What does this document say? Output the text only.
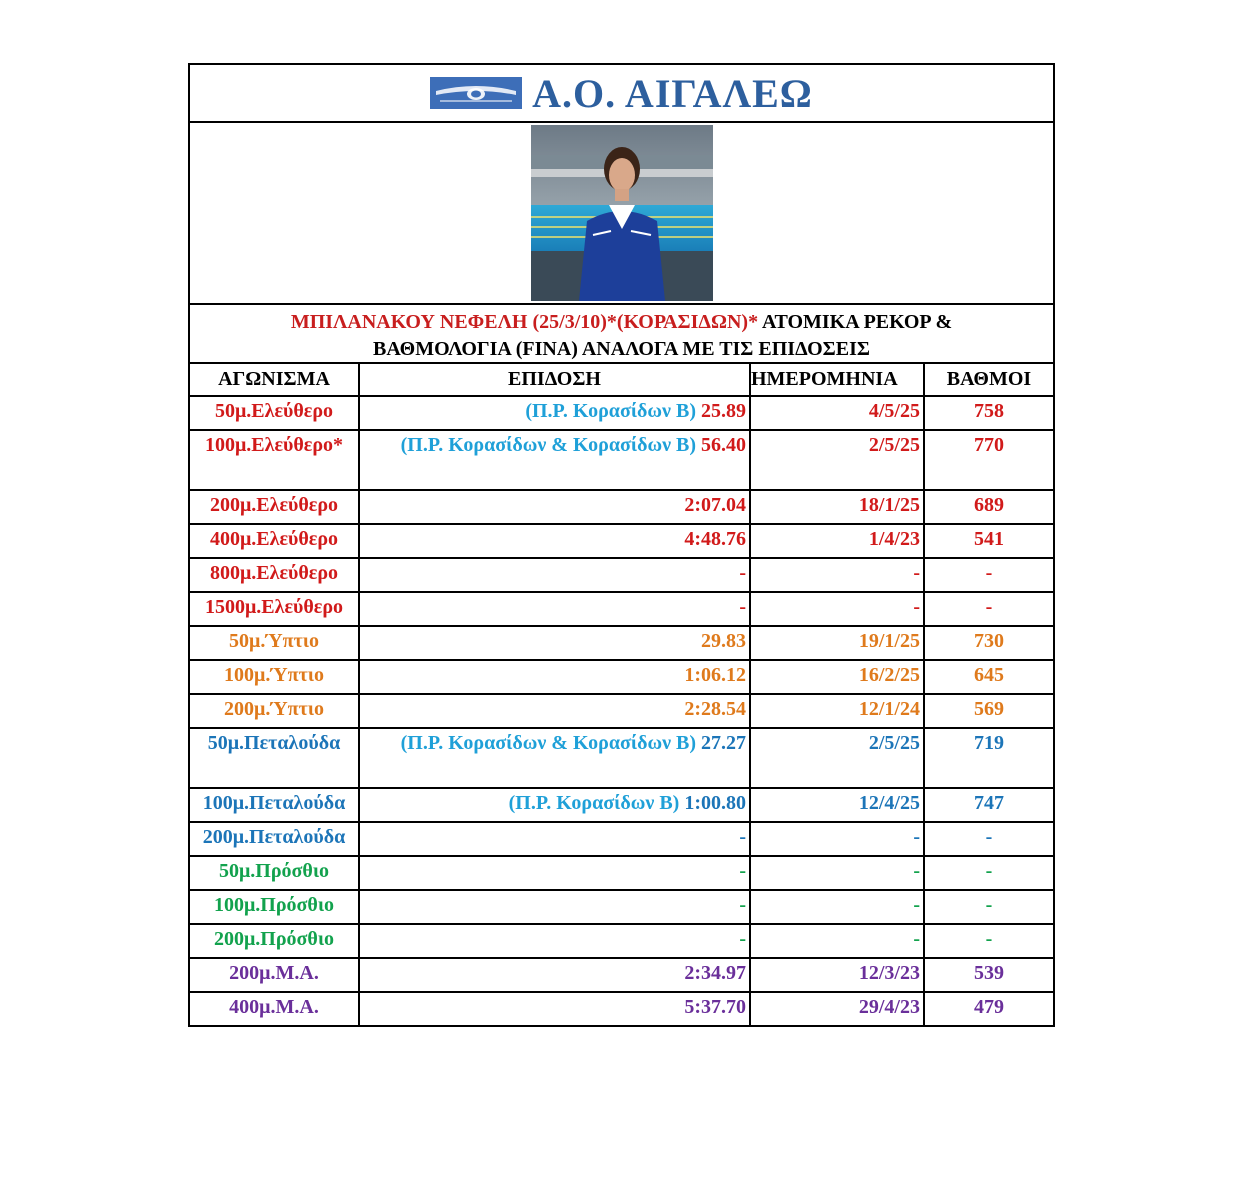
Α.Ο. ΑΙΓΑΛΕΩ
ΜΠΙΛΑΝΑΚΟΥ ΝΕΦΕΛΗ (25/3/10)*(ΚΟΡΑΣΙΔΩΝ)* ΑΤΟΜΙΚΑ ΡΕΚΟΡ &
ΒΑΘΜΟΛΟΓΙΑ (FINA) ΑΝΑΛΟΓΑ ΜΕ ΤΙΣ ΕΠΙΔΟΣΕΙΣ
ΑΓΩΝΙΣΜΑ	ΕΠΙΔΟΣΗ	ΗΜΕΡΟΜΗΝΙΑ	ΒΑΘΜΟΙ
50μ.Ελεύθερο	(Π.Ρ. Κορασίδων Β) 25.89	4/5/25	758
100μ.Ελεύθερο*	(Π.Ρ. Κορασίδων & Κορασίδων Β) 56.40	2/5/25	770
200μ.Ελεύθερο	2:07.04	18/1/25	689
400μ.Ελεύθερο	4:48.76	1/4/23	541
800μ.Ελεύθερο	-	-	-
1500μ.Ελεύθερο	-	-	-
50μ.Ύπτιο	29.83	19/1/25	730
100μ.Ύπτιο	1:06.12	16/2/25	645
200μ.Ύπτιο	2:28.54	12/1/24	569
50μ.Πεταλούδα	(Π.Ρ. Κορασίδων & Κορασίδων Β) 27.27	2/5/25	719
100μ.Πεταλούδα	(Π.Ρ. Κορασίδων Β) 1:00.80	12/4/25	747
200μ.Πεταλούδα	-	-	-
50μ.Πρόσθιο	-	-	-
100μ.Πρόσθιο	-	-	-
200μ.Πρόσθιο	-	-	-
200μ.Μ.Α.	2:34.97	12/3/23	539
400μ.Μ.Α.	5:37.70	29/4/23	479
